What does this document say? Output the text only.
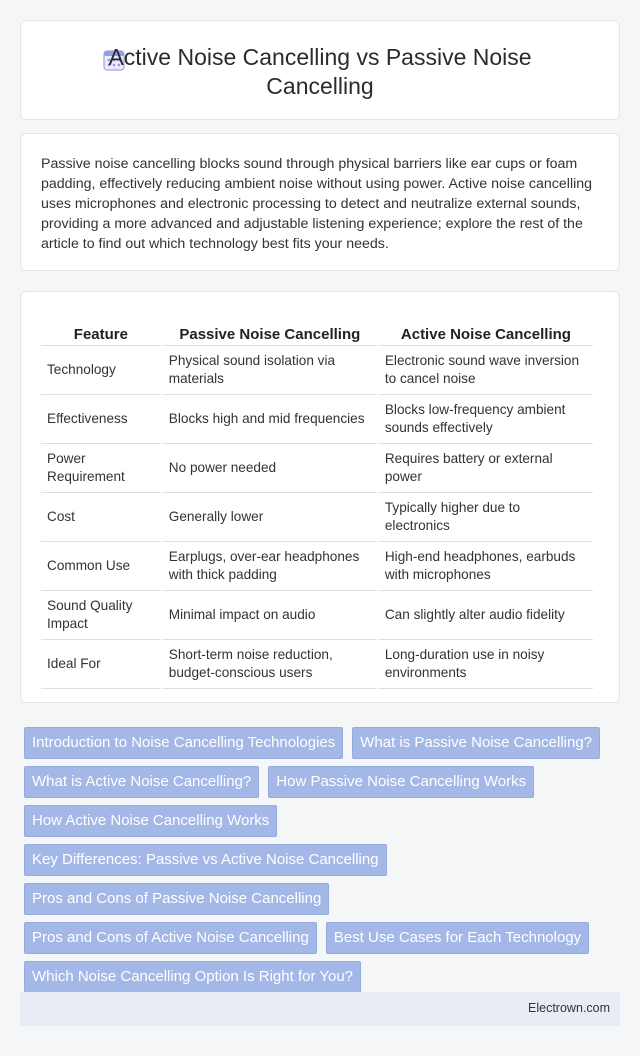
Active Noise Cancelling vs Passive Noise Cancelling

Passive noise cancelling blocks sound through physical barriers like ear cups or foam padding, effectively reducing ambient noise without using power. Active noise cancelling uses microphones and electronic processing to detect and neutralize external sounds, providing a more advanced and adjustable listening experience; explore the rest of the article to find out which technology best fits your needs.

Feature	Passive Noise Cancelling	Active Noise Cancelling
Technology	Physical sound isolation via materials	Electronic sound wave inversion to cancel noise
Effectiveness	Blocks high and mid frequencies	Blocks low-frequency ambient sounds effectively
Power Requirement	No power needed	Requires battery or external power
Cost	Generally lower	Typically higher due to electronics
Common Use	Earplugs, over-ear headphones with thick padding	High-end headphones, earbuds with microphones
Sound Quality Impact	Minimal impact on audio	Can slightly alter audio fidelity
Ideal For	Short-term noise reduction, budget-conscious users	Long-duration use in noisy environments
Introduction to Noise Cancelling Technologies	What is Passive Noise Cancelling?
What is Active Noise Cancelling?	How Passive Noise Cancelling Works
How Active Noise Cancelling Works
Key Differences: Passive vs Active Noise Cancelling
Pros and Cons of Passive Noise Cancelling
Pros and Cons of Active Noise Cancelling	Best Use Cases for Each Technology
Which Noise Cancelling Option Is Right for You?
Electrown.com
